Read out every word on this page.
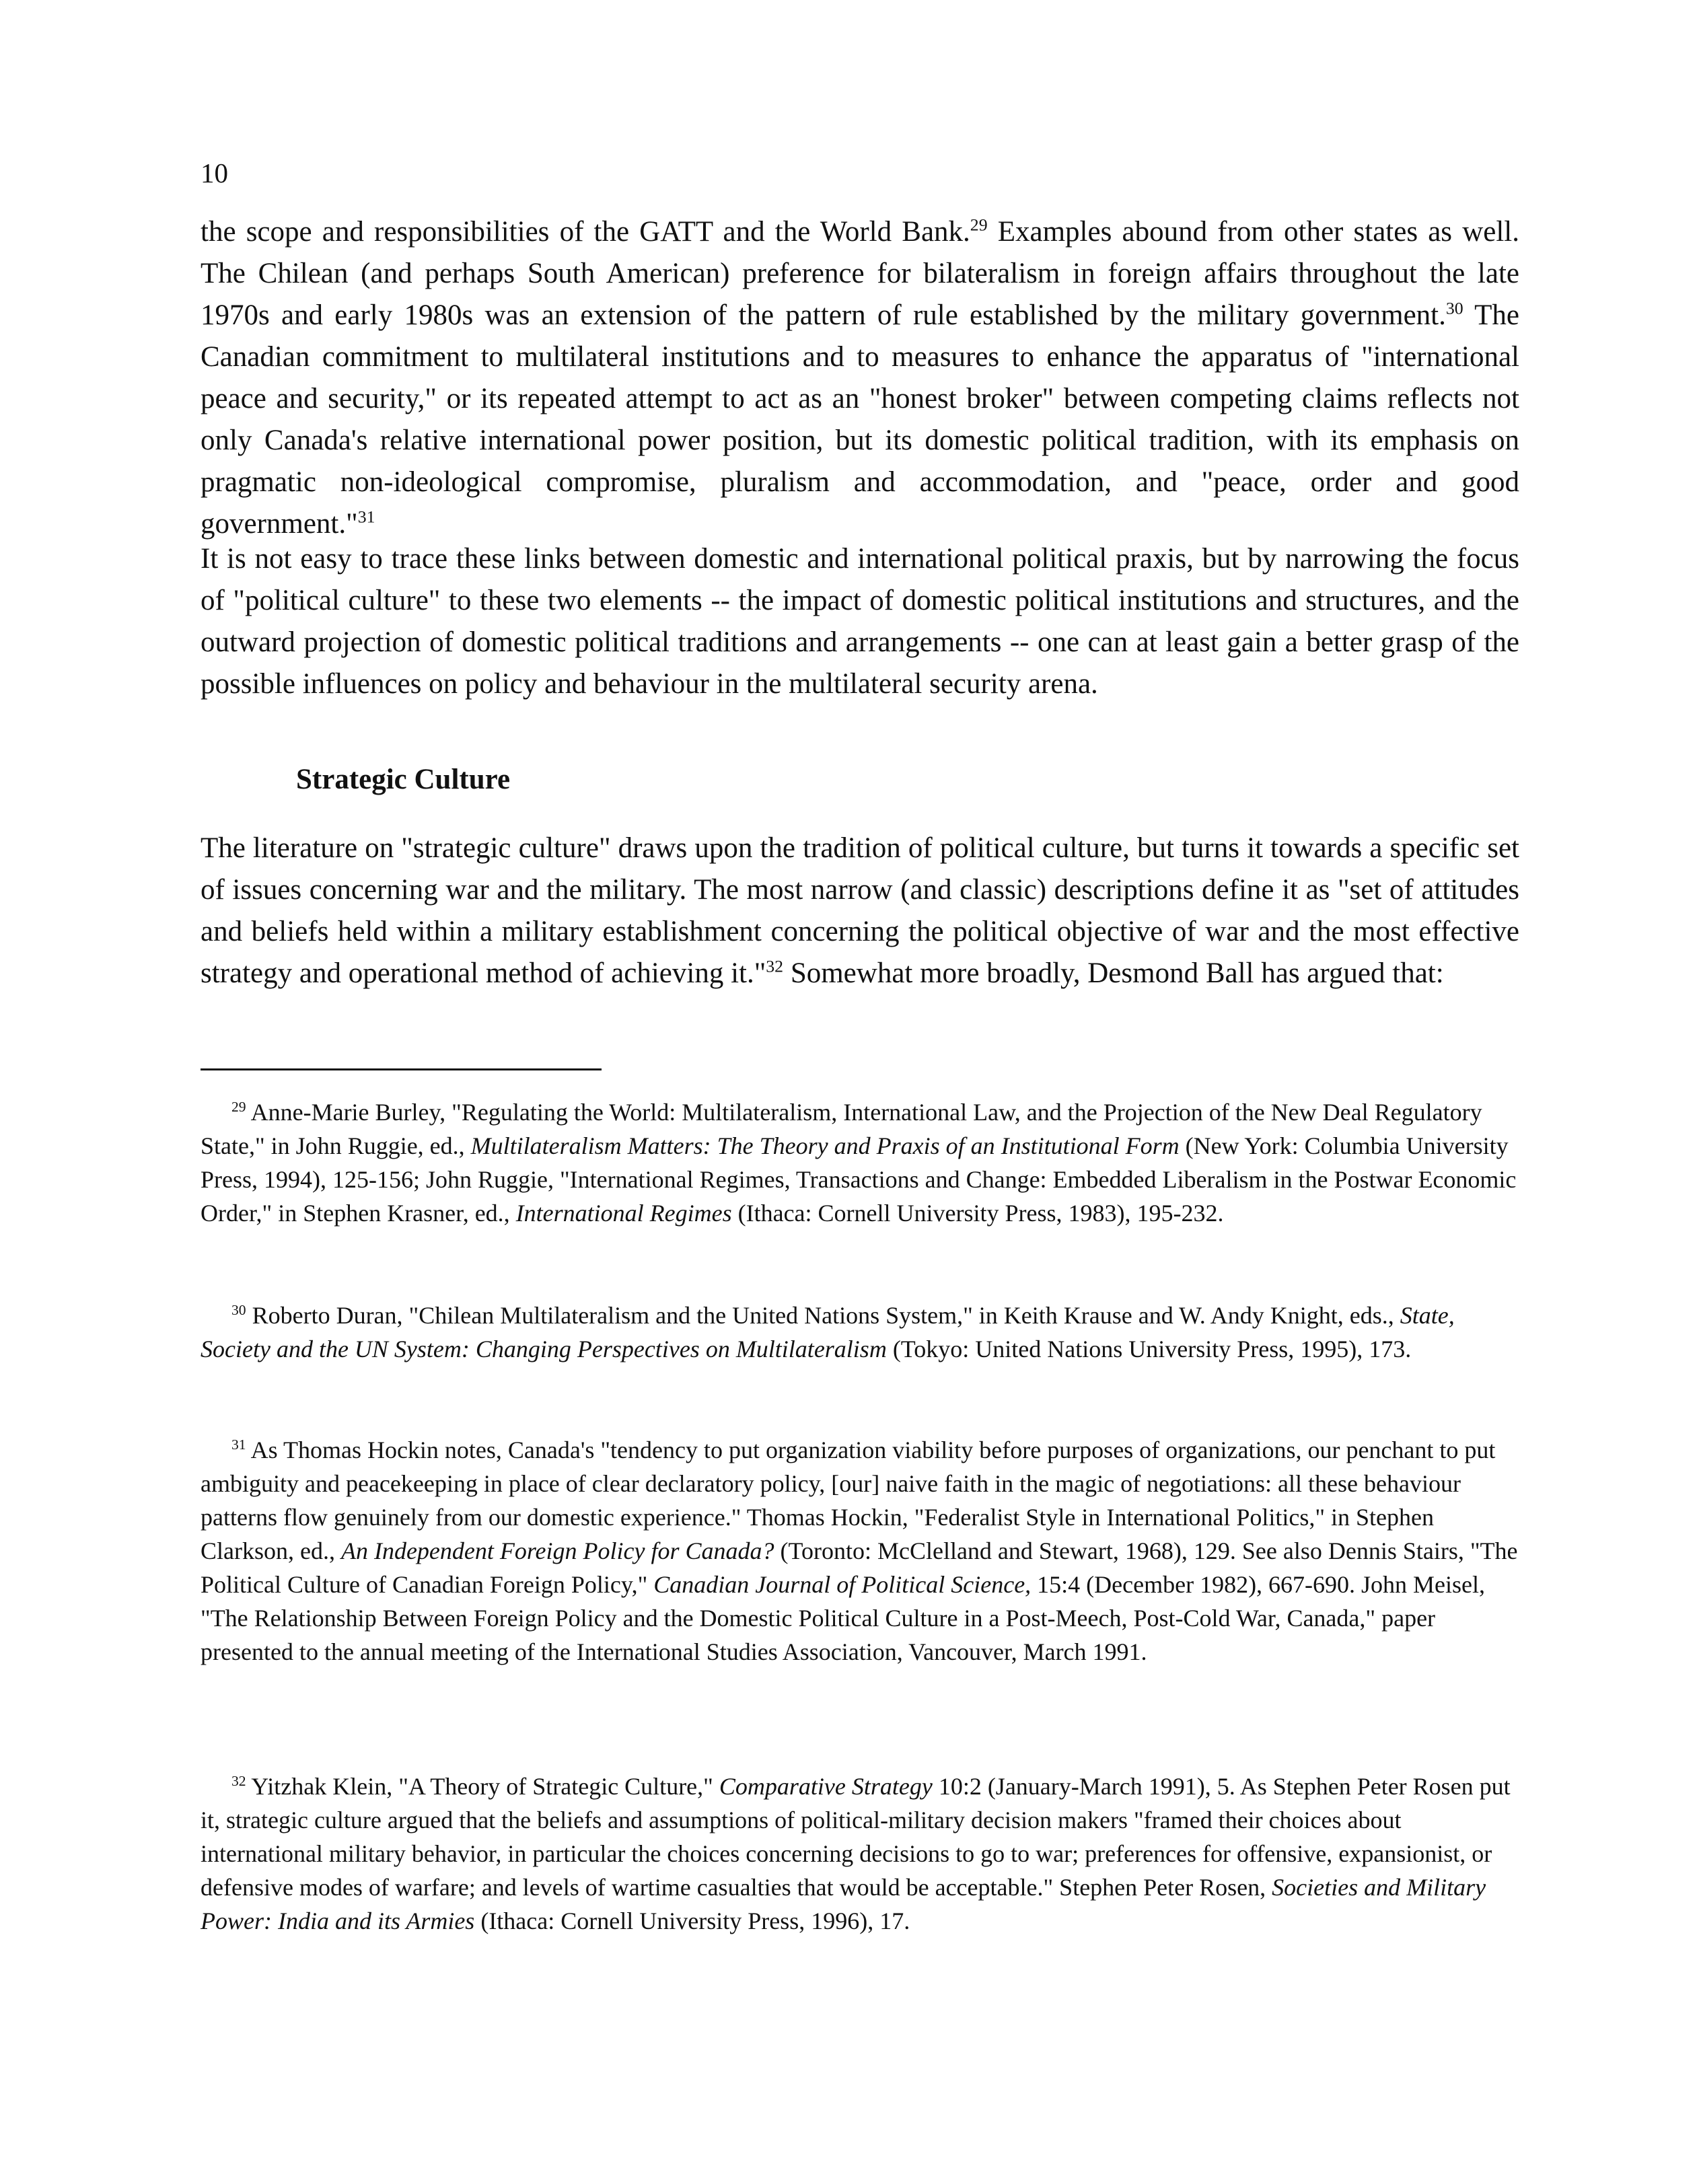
10

the scope and responsibilities of the GATT and the World Bank.$^{29}$ Examples abound from other states as well. The Chilean (and perhaps South American) preference for bilateralism in foreign affairs throughout the late 1970s and early 1980s was an extension of the pattern of rule established by the military government.$^{30}$ The Canadian commitment to multilateral institutions and to measures to enhance the apparatus of "international peace and security," or its repeated attempt to act as an "honest broker" between competing claims reflects not only Canada's relative international power position, but its domestic political tradition, with its emphasis on pragmatic non-ideological compromise, pluralism and accommodation, and "peace, order and good government."$^{31}$

It is not easy to trace these links between domestic and international political praxis, but by narrowing the focus of "political culture" to these two elements -- the impact of domestic political institutions and structures, and the outward projection of domestic political traditions and arrangements -- one can at least gain a better grasp of the possible influences on policy and behaviour in the multilateral security arena.

Strategic Culture

The literature on "strategic culture" draws upon the tradition of political culture, but turns it towards a specific set of issues concerning war and the military. The most narrow (and classic) descriptions define it as "set of attitudes and beliefs held within a military establishment concerning the political objective of war and the most effective strategy and operational method of achieving it."$^{32}$ Somewhat more broadly, Desmond Ball has argued that:

$^{29}$ Anne-Marie Burley, "Regulating the World: Multilateralism, International Law, and the Projection of the New Deal Regulatory State," in John Ruggie, ed., Multilateralism Matters: The Theory and Praxis of an Institutional Form (New York: Columbia University Press, 1994), 125-156; John Ruggie, "International Regimes, Transactions and Change: Embedded Liberalism in the Postwar Economic Order," in Stephen Krasner, ed., International Regimes (Ithaca: Cornell University Press, 1983), 195-232.

$^{30}$ Roberto Duran, "Chilean Multilateralism and the United Nations System," in Keith Krause and W. Andy Knight, eds., State, Society and the UN System: Changing Perspectives on Multilateralism (Tokyo: United Nations University Press, 1995), 173.

$^{31}$ As Thomas Hockin notes, Canada's "tendency to put organization viability before purposes of organizations, our penchant to put ambiguity and peacekeeping in place of clear declaratory policy, [our] naive faith in the magic of negotiations: all these behaviour patterns flow genuinely from our domestic experience." Thomas Hockin, "Federalist Style in International Politics," in Stephen Clarkson, ed., An Independent Foreign Policy for Canada? (Toronto: McClelland and Stewart, 1968), 129. See also Dennis Stairs, "The Political Culture of Canadian Foreign Policy," Canadian Journal of Political Science, 15:4 (December 1982), 667-690. John Meisel, "The Relationship Between Foreign Policy and the Domestic Political Culture in a Post-Meech, Post-Cold War, Canada," paper presented to the annual meeting of the International Studies Association, Vancouver, March 1991.

$^{32}$ Yitzhak Klein, "A Theory of Strategic Culture," Comparative Strategy 10:2 (January-March 1991), 5. As Stephen Peter Rosen put it, strategic culture argued that the beliefs and assumptions of political-military decision makers "framed their choices about international military behavior, in particular the choices concerning decisions to go to war; preferences for offensive, expansionist, or defensive modes of warfare; and levels of wartime casualties that would be acceptable." Stephen Peter Rosen, Societies and Military Power: India and its Armies (Ithaca: Cornell University Press, 1996), 17.
